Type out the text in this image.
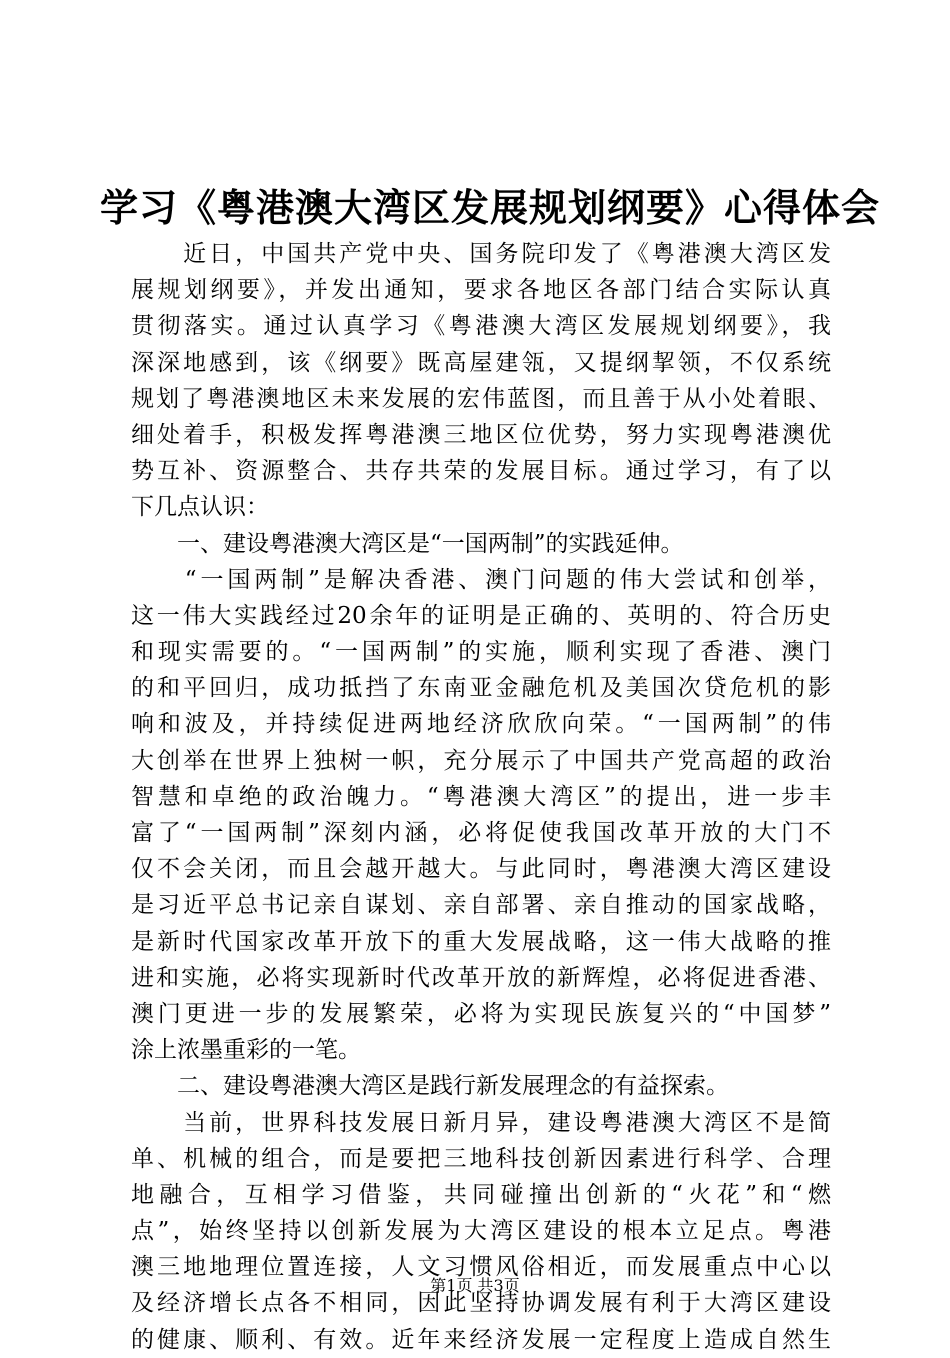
学习《粤港澳大湾区发展规划纲要》心得体会
　　近日，中国共产党中央、国务院印发了《粤港澳大湾区发
展规划纲要》，并发出通知，要求各地区各部门结合实际认真
贯彻落实。通过认真学习《粤港澳大湾区发展规划纲要》，我
深深地感到，该《纲要》既高屋建瓴，又提纲挈领，不仅系统
规划了粤港澳地区未来发展的宏伟蓝图，而且善于从小处着眼、
细处着手，积极发挥粤港澳三地区位优势，努力实现粤港澳优
势互补、资源整合、共存共荣的发展目标。通过学习，有了以
下几点认识：
　　一、建设粤港澳大湾区是“一国两制”的实践延伸。
　　“一国两制”是解决香港、澳门问题的伟大尝试和创举，
这一伟大实践经过20余年的证明是正确的、英明的、符合历史
和现实需要的。“一国两制”的实施，顺利实现了香港、澳门
的和平回归，成功抵挡了东南亚金融危机及美国次贷危机的影
响和波及，并持续促进两地经济欣欣向荣。“一国两制”的伟
大创举在世界上独树一帜，充分展示了中国共产党高超的政治
智慧和卓绝的政治魄力。“粤港澳大湾区”的提出，进一步丰
富了“一国两制”深刻内涵，必将促使我国改革开放的大门不
仅不会关闭，而且会越开越大。与此同时，粤港澳大湾区建设
是习近平总书记亲自谋划、亲自部署、亲自推动的国家战略，
是新时代国家改革开放下的重大发展战略，这一伟大战略的推
进和实施，必将实现新时代改革开放的新辉煌，必将促进香港、
澳门更进一步的发展繁荣，必将为实现民族复兴的“中国梦”
涂上浓墨重彩的一笔。
　　二、建设粤港澳大湾区是践行新发展理念的有益探索。
　　当前，世界科技发展日新月异，建设粤港澳大湾区不是简
单、机械的组合，而是要把三地科技创新因素进行科学、合理
地融合，互相学习借鉴，共同碰撞出创新的“火花”和“燃
点”，始终坚持以创新发展为大湾区建设的根本立足点。粤港
澳三地地理位置连接，人文习惯风俗相近，而发展重点中心以
及经济增长点各不相同，因此坚持协调发展有利于大湾区建设
的健康、顺利、有效。近年来经济发展一定程度上造成自然生
第1页 共3页
